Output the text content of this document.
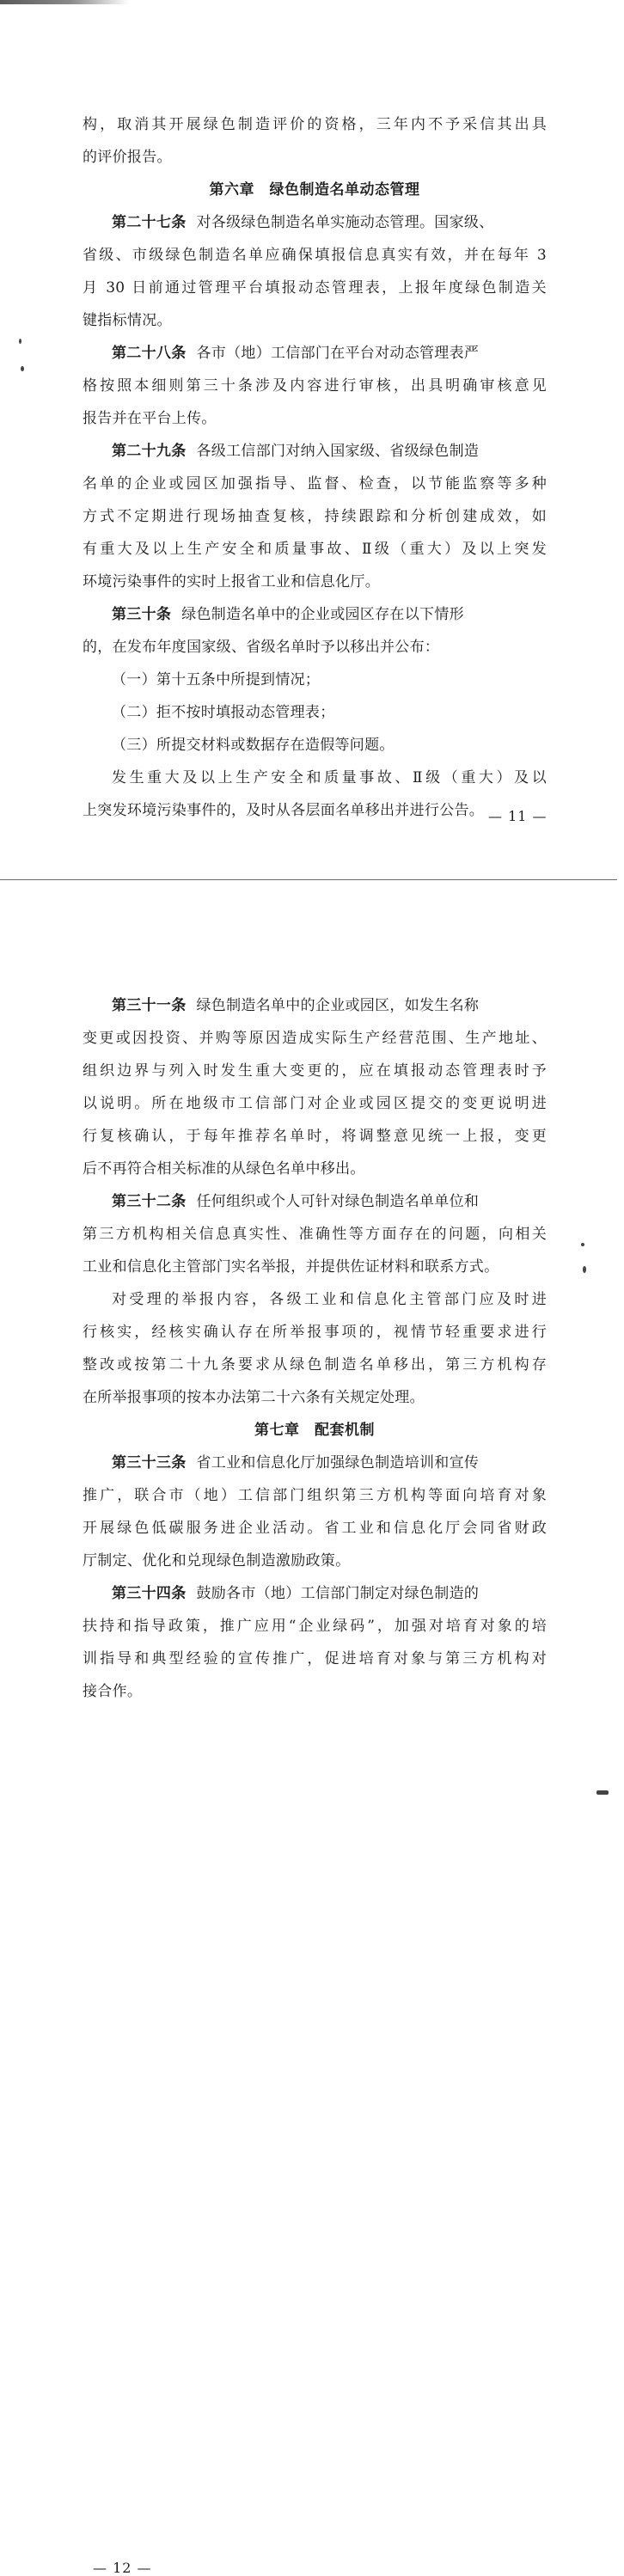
构，取消其开展绿色制造评价的资格，三年内不予采信其出具
的评价报告。
第六章　绿色制造名单动态管理
第二十七条 对各级绿色制造名单实施动态管理。国家级、
省级、市级绿色制造名单应确保填报信息真实有效，并在每年 3
月 30 日前通过管理平台填报动态管理表，上报年度绿色制造关
键指标情况。
第二十八条 各市（地）工信部门在平台对动态管理表严
格按照本细则第三十条涉及内容进行审核，出具明确审核意见
报告并在平台上传。
第二十九条 各级工信部门对纳入国家级、省级绿色制造
名单的企业或园区加强指导、监督、检查，以节能监察等多种
方式不定期进行现场抽查复核，持续跟踪和分析创建成效，如
有重大及以上生产安全和质量事故、Ⅱ级（重大）及以上突发
环境污染事件的实时上报省工业和信息化厅。
第三十条 绿色制造名单中的企业或园区存在以下情形
的，在发布年度国家级、省级名单时予以移出并公布：
（一）第十五条中所提到情况；
（二）拒不按时填报动态管理表；
（三）所提交材料或数据存在造假等问题。
发生重大及以上生产安全和质量事故、Ⅱ级（重大）及以
上突发环境污染事件的，及时从各层面名单移出并进行公告。 — 11 —
第三十一条 绿色制造名单中的企业或园区，如发生名称
变更或因投资、并购等原因造成实际生产经营范围、生产地址、
组织边界与列入时发生重大变更的，应在填报动态管理表时予
以说明。所在地级市工信部门对企业或园区提交的变更说明进
行复核确认，于每年推荐名单时，将调整意见统一上报，变更
后不再符合相关标准的从绿色名单中移出。
第三十二条 任何组织或个人可针对绿色制造名单单位和
第三方机构相关信息真实性、准确性等方面存在的问题，向相关
工业和信息化主管部门实名举报，并提供佐证材料和联系方式。
对受理的举报内容，各级工业和信息化主管部门应及时进
行核实，经核实确认存在所举报事项的，视情节轻重要求进行
整改或按第二十九条要求从绿色制造名单移出，第三方机构存
在所举报事项的按本办法第二十六条有关规定处理。
第七章　配套机制
第三十三条 省工业和信息化厅加强绿色制造培训和宣传
推广，联合市（地）工信部门组织第三方机构等面向培育对象
开展绿色低碳服务进企业活动。省工业和信息化厅会同省财政
厅制定、优化和兑现绿色制造激励政策。
第三十四条 鼓励各市（地）工信部门制定对绿色制造的
扶持和指导政策，推广应用“企业绿码”，加强对培育对象的培
训指导和典型经验的宣传推广，促进培育对象与第三方机构对
接合作。
— 12 —
